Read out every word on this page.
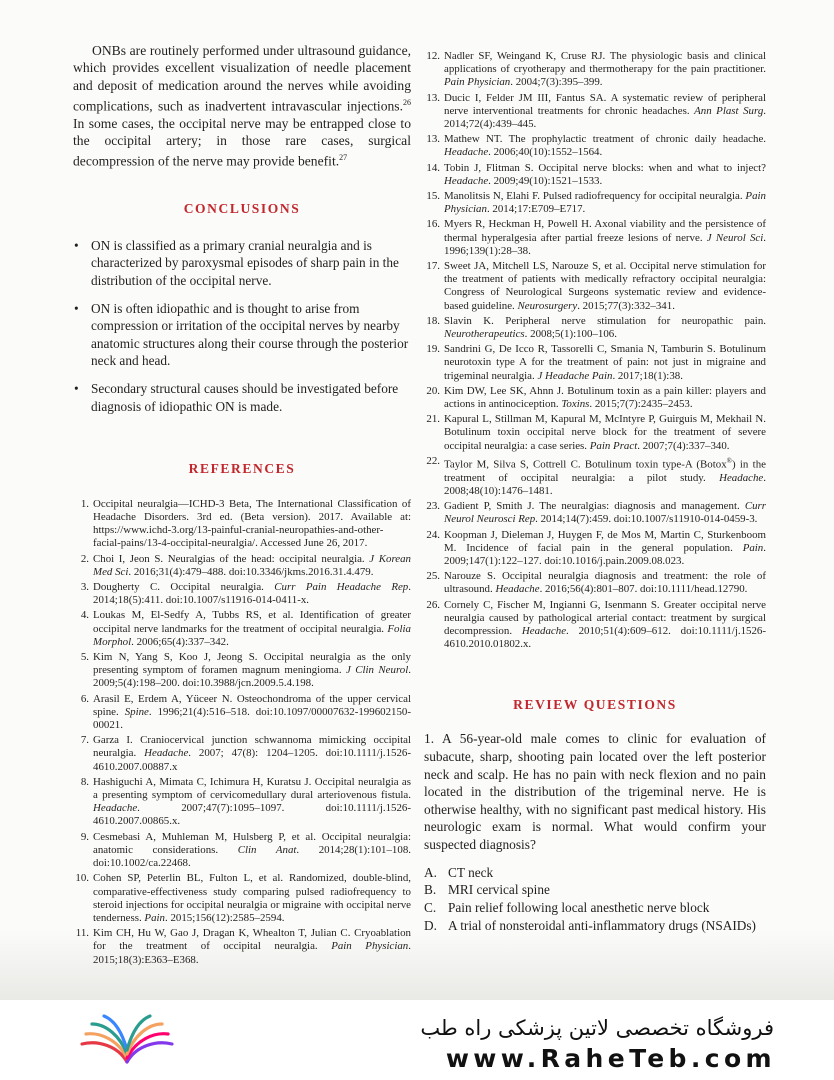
ONBs are routinely performed under ultrasound guidance, which provides excellent visualization of needle placement and deposit of medication around the nerves while avoiding complications, such as inadvertent intravascular injections.$^{26}$ In some cases, the occipital nerve may be entrapped close to the occipital artery; in those rare cases, surgical decompression of the nerve may provide benefit.$^{27}$

CONCLUSIONS
• ON is classified as a primary cranial neuralgia and is characterized by paroxysmal episodes of sharp pain in the distribution of the occipital nerve.
• ON is often idiopathic and is thought to arise from compression or irritation of the occipital nerves by nearby anatomic structures along their course through the posterior neck and head.
• Secondary structural causes should be investigated before diagnosis of idiopathic ON is made.
REFERENCES
1. Occipital neuralgia—ICHD-3 Beta, The International Classification of Headache Disorders. 3rd ed. (Beta version). 2017. Available at: https://www.ichd-3.org/13-painful-cranial-neuropathies-and-other-facial-pains/13-4-occipital-neuralgia/. Accessed June 26, 2017.
2. Choi I, Jeon S. Neuralgias of the head: occipital neuralgia. J Korean Med Sci. 2016;31(4):479–488. doi:10.3346/jkms.2016.31.4.479.
3. Dougherty C. Occipital neuralgia. Curr Pain Headache Rep. 2014;18(5):411. doi:10.1007/s11916-014-0411-x.
4. Loukas M, El-Sedfy A, Tubbs RS, et al. Identification of greater occipital nerve landmarks for the treatment of occipital neuralgia. Folia Morphol. 2006;65(4):337–342.
5. Kim N, Yang S, Koo J, Jeong S. Occipital neuralgia as the only presenting symptom of foramen magnum meningioma. J Clin Neurol. 2009;5(4):198–200. doi:10.3988/jcn.2009.5.4.198.
6. Arasil E, Erdem A, Yüceer N. Osteochondroma of the upper cervical spine. Spine. 1996;21(4):516–518. doi:10.1097/00007632-199602150-00021.
7. Garza I. Craniocervical junction schwannoma mimicking occipital neuralgia. Headache. 2007; 47(8): 1204–1205. doi:10.1111/j.1526-4610.2007.00887.x
8. Hashiguchi A, Mimata C, Ichimura H, Kuratsu J. Occipital neuralgia as a presenting symptom of cervicomedullary dural arteriovenous fistula. Headache. 2007;47(7):1095–1097. doi:10.1111/j.1526-4610.2007.00865.x.
9. Cesmebasi A, Muhleman M, Hulsberg P, et al. Occipital neuralgia: anatomic considerations. Clin Anat. 2014;28(1):101–108. doi:10.1002/ca.22468.
10. Cohen SP, Peterlin BL, Fulton L, et al. Randomized, double-blind, comparative-effectiveness study comparing pulsed radiofrequency to steroid injections for occipital neuralgia or migraine with occipital nerve tenderness. Pain. 2015;156(12):2585–2594.
11. Kim CH, Hu W, Gao J, Dragan K, Whealton T, Julian C. Cryoablation for the treatment of occipital neuralgia. Pain Physician. 2015;18(3):E363–E368.
12. Nadler SF, Weingand K, Cruse RJ. The physiologic basis and clinical applications of cryotherapy and thermotherapy for the pain practitioner. Pain Physician. 2004;7(3):395–399.
13. Ducic I, Felder JM III, Fantus SA. A systematic review of peripheral nerve interventional treatments for chronic headaches. Ann Plast Surg. 2014;72(4):439–445.
13. Mathew NT. The prophylactic treatment of chronic daily headache. Headache. 2006;40(10):1552–1564.
14. Tobin J, Flitman S. Occipital nerve blocks: when and what to inject? Headache. 2009;49(10):1521–1533.
15. Manolitsis N, Elahi F. Pulsed radiofrequency for occipital neuralgia. Pain Physician. 2014;17:E709–E717.
16. Myers R, Heckman H, Powell H. Axonal viability and the persistence of thermal hyperalgesia after partial freeze lesions of nerve. J Neurol Sci. 1996;139(1):28–38.
17. Sweet JA, Mitchell LS, Narouze S, et al. Occipital nerve stimulation for the treatment of patients with medically refractory occipital neuralgia: Congress of Neurological Surgeons systematic review and evidence-based guideline. Neurosurgery. 2015;77(3):332–341.
18. Slavin K. Peripheral nerve stimulation for neuropathic pain. Neurotherapeutics. 2008;5(1):100–106.
19. Sandrini G, De Icco R, Tassorelli C, Smania N, Tamburin S. Botulinum neurotoxin type A for the treatment of pain: not just in migraine and trigeminal neuralgia. J Headache Pain. 2017;18(1):38.
20. Kim DW, Lee SK, Ahnn J. Botulinum toxin as a pain killer: players and actions in antinociception. Toxins. 2015;7(7):2435–2453.
21. Kapural L, Stillman M, Kapural M, McIntyre P, Guirguis M, Mekhail N. Botulinum toxin occipital nerve block for the treatment of severe occipital neuralgia: a case series. Pain Pract. 2007;7(4):337–340.
22. Taylor M, Silva S, Cottrell C. Botulinum toxin type-A (Botox®) in the treatment of occipital neuralgia: a pilot study. Headache. 2008;48(10):1476–1481.
23. Gadient P, Smith J. The neuralgias: diagnosis and management. Curr Neurol Neurosci Rep. 2014;14(7):459. doi:10.1007/s11910-014-0459-3.
24. Koopman J, Dieleman J, Huygen F, de Mos M, Martin C, Sturkenboom M. Incidence of facial pain in the general population. Pain. 2009;147(1):122–127. doi:10.1016/j.pain.2009.08.023.
25. Narouze S. Occipital neuralgia diagnosis and treatment: the role of ultrasound. Headache. 2016;56(4):801–807. doi:10.1111/head.12790.
26. Cornely C, Fischer M, Ingianni G, Isenmann S. Greater occipital nerve neuralgia caused by pathological arterial contact: treatment by surgical decompression. Headache. 2010;51(4):609–612. doi:10.1111/j.1526-4610.2010.01802.x.
REVIEW QUESTIONS

1. A 56-year-old male comes to clinic for evaluation of subacute, sharp, shooting pain located over the left posterior neck and scalp. He has no pain with neck flexion and no pain located in the distribution of the trigeminal nerve. He is otherwise healthy, with no significant past medical history. His neurologic exam is normal. What would confirm your suspected diagnosis?

A. CT neck
B. MRI cervical spine
C. Pain relief following local anesthetic nerve block
D. A trial of nonsteroidal anti-inflammatory drugs (NSAIDs)
فروشگاه تخصصی لاتین پزشکی راه طب
www.RaheTeb.com
